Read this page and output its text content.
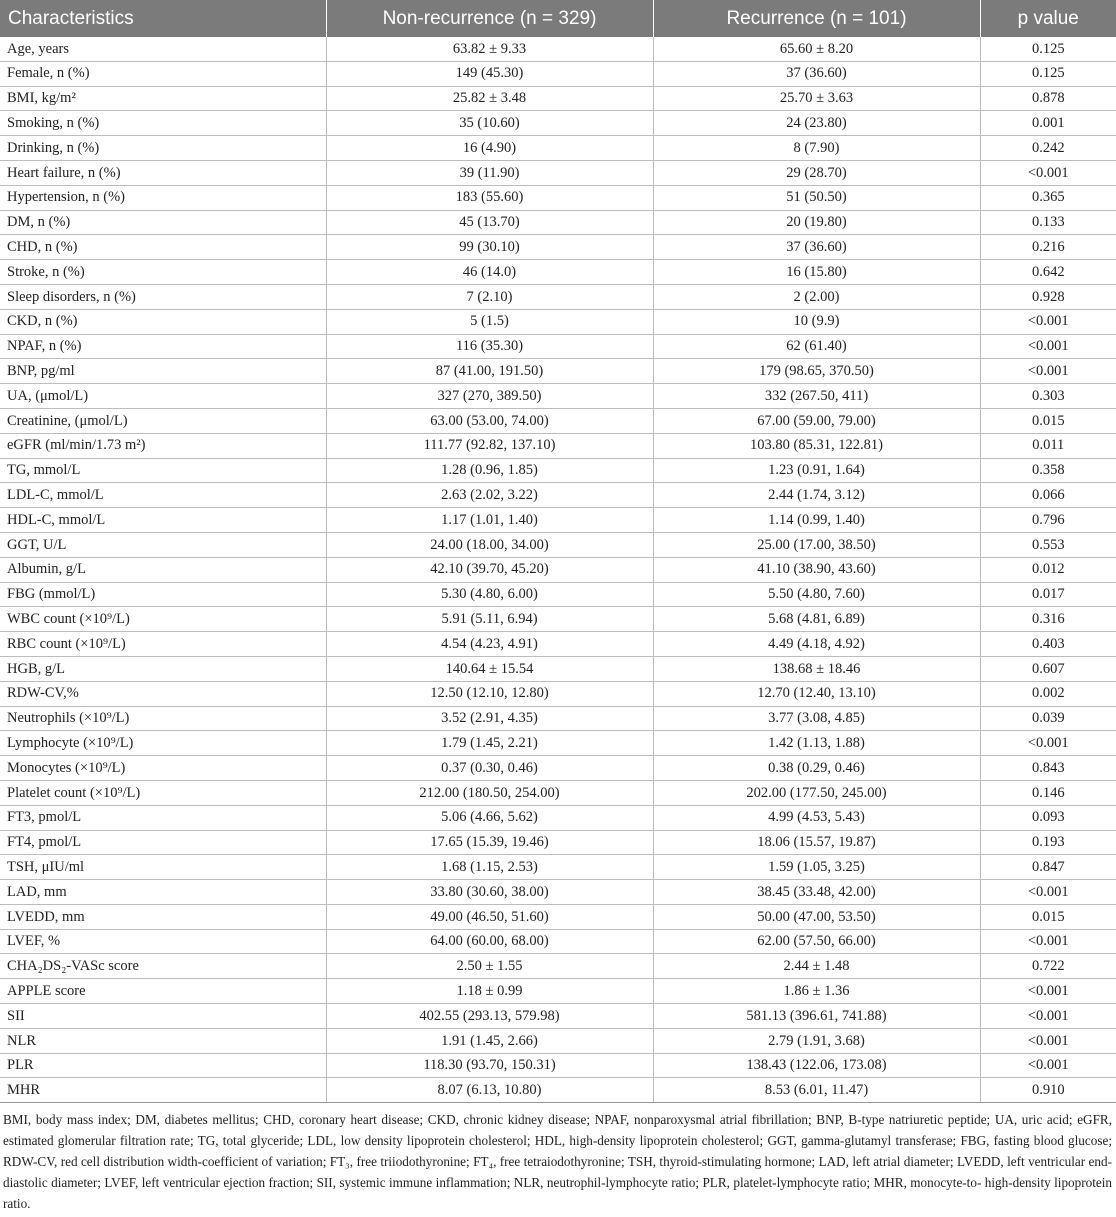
Characteristics	Non-recurrence (n = 329)	Recurrence (n = 101)	p value
Age, years	63.82 ± 9.33	65.60 ± 8.20	0.125
Female, n (%)	149 (45.30)	37 (36.60)	0.125
BMI, kg/m²	25.82 ± 3.48	25.70 ± 3.63	0.878
Smoking, n (%)	35 (10.60)	24 (23.80)	0.001
Drinking, n (%)	16 (4.90)	8 (7.90)	0.242
Heart failure, n (%)	39 (11.90)	29 (28.70)	<0.001
Hypertension, n (%)	183 (55.60)	51 (50.50)	0.365
DM, n (%)	45 (13.70)	20 (19.80)	0.133
CHD, n (%)	99 (30.10)	37 (36.60)	0.216
Stroke, n (%)	46 (14.0)	16 (15.80)	0.642
Sleep disorders, n (%)	7 (2.10)	2 (2.00)	0.928
CKD, n (%)	5 (1.5)	10 (9.9)	<0.001
NPAF, n (%)	116 (35.30)	62 (61.40)	<0.001
BNP, pg/ml	87 (41.00, 191.50)	179 (98.65, 370.50)	<0.001
UA, (μmol/L)	327 (270, 389.50)	332 (267.50, 411)	0.303
Creatinine, (μmol/L)	63.00 (53.00, 74.00)	67.00 (59.00, 79.00)	0.015
eGFR (ml/min/1.73 m²)	111.77 (92.82, 137.10)	103.80 (85.31, 122.81)	0.011
TG, mmol/L	1.28 (0.96, 1.85)	1.23 (0.91, 1.64)	0.358
LDL-C, mmol/L	2.63 (2.02, 3.22)	2.44 (1.74, 3.12)	0.066
HDL-C, mmol/L	1.17 (1.01, 1.40)	1.14 (0.99, 1.40)	0.796
GGT, U/L	24.00 (18.00, 34.00)	25.00 (17.00, 38.50)	0.553
Albumin, g/L	42.10 (39.70, 45.20)	41.10 (38.90, 43.60)	0.012
FBG (mmol/L)	5.30 (4.80, 6.00)	5.50 (4.80, 7.60)	0.017
WBC count (×10⁹/L)	5.91 (5.11, 6.94)	5.68 (4.81, 6.89)	0.316
RBC count (×10⁹/L)	4.54 (4.23, 4.91)	4.49 (4.18, 4.92)	0.403
HGB, g/L	140.64 ± 15.54	138.68 ± 18.46	0.607
RDW-CV,%	12.50 (12.10, 12.80)	12.70 (12.40, 13.10)	0.002
Neutrophils (×10⁹/L)	3.52 (2.91, 4.35)	3.77 (3.08, 4.85)	0.039
Lymphocyte (×10⁹/L)	1.79 (1.45, 2.21)	1.42 (1.13, 1.88)	<0.001
Monocytes (×10⁹/L)	0.37 (0.30, 0.46)	0.38 (0.29, 0.46)	0.843
Platelet count (×10⁹/L)	212.00 (180.50, 254.00)	202.00 (177.50, 245.00)	0.146
FT3, pmol/L	5.06 (4.66, 5.62)	4.99 (4.53, 5.43)	0.093
FT4, pmol/L	17.65 (15.39, 19.46)	18.06 (15.57, 19.87)	0.193
TSH, μIU/ml	1.68 (1.15, 2.53)	1.59 (1.05, 3.25)	0.847
LAD, mm	33.80 (30.60, 38.00)	38.45 (33.48, 42.00)	<0.001
LVEDD, mm	49.00 (46.50, 51.60)	50.00 (47.00, 53.50)	0.015
LVEF, %	64.00 (60.00, 68.00)	62.00 (57.50, 66.00)	<0.001
CHA₂DS₂-VASc score	2.50 ± 1.55	2.44 ± 1.48	0.722
APPLE score	1.18 ± 0.99	1.86 ± 1.36	<0.001
SII	402.55 (293.13, 579.98)	581.13 (396.61, 741.88)	<0.001
NLR	1.91 (1.45, 2.66)	2.79 (1.91, 3.68)	<0.001
PLR	118.30 (93.70, 150.31)	138.43 (122.06, 173.08)	<0.001
MHR	8.07 (6.13, 10.80)	8.53 (6.01, 11.47)	0.910
BMI, body mass index; DM, diabetes mellitus; CHD, coronary heart disease; CKD, chronic kidney disease; NPAF, nonparoxysmal atrial fibrillation; BNP, B-type natriuretic peptide; UA, uric acid; eGFR, estimated glomerular filtration rate; TG, total glyceride; LDL, low density lipoprotein cholesterol; HDL, high-density lipoprotein cholesterol; GGT, gamma-glutamyl transferase; FBG, fasting blood glucose; RDW-CV, red cell distribution width-coefficient of variation; FT₃, free triiodothyronine; FT₄, free tetraiodothyronine; TSH, thyroid-stimulating hormone; LAD, left atrial diameter; LVEDD, left ventricular end-diastolic diameter; LVEF, left ventricular ejection fraction; SII, systemic immune inflammation; NLR, neutrophil-lymphocyte ratio; PLR, platelet-lymphocyte ratio; MHR, monocyte-to- high-density lipoprotein ratio.
